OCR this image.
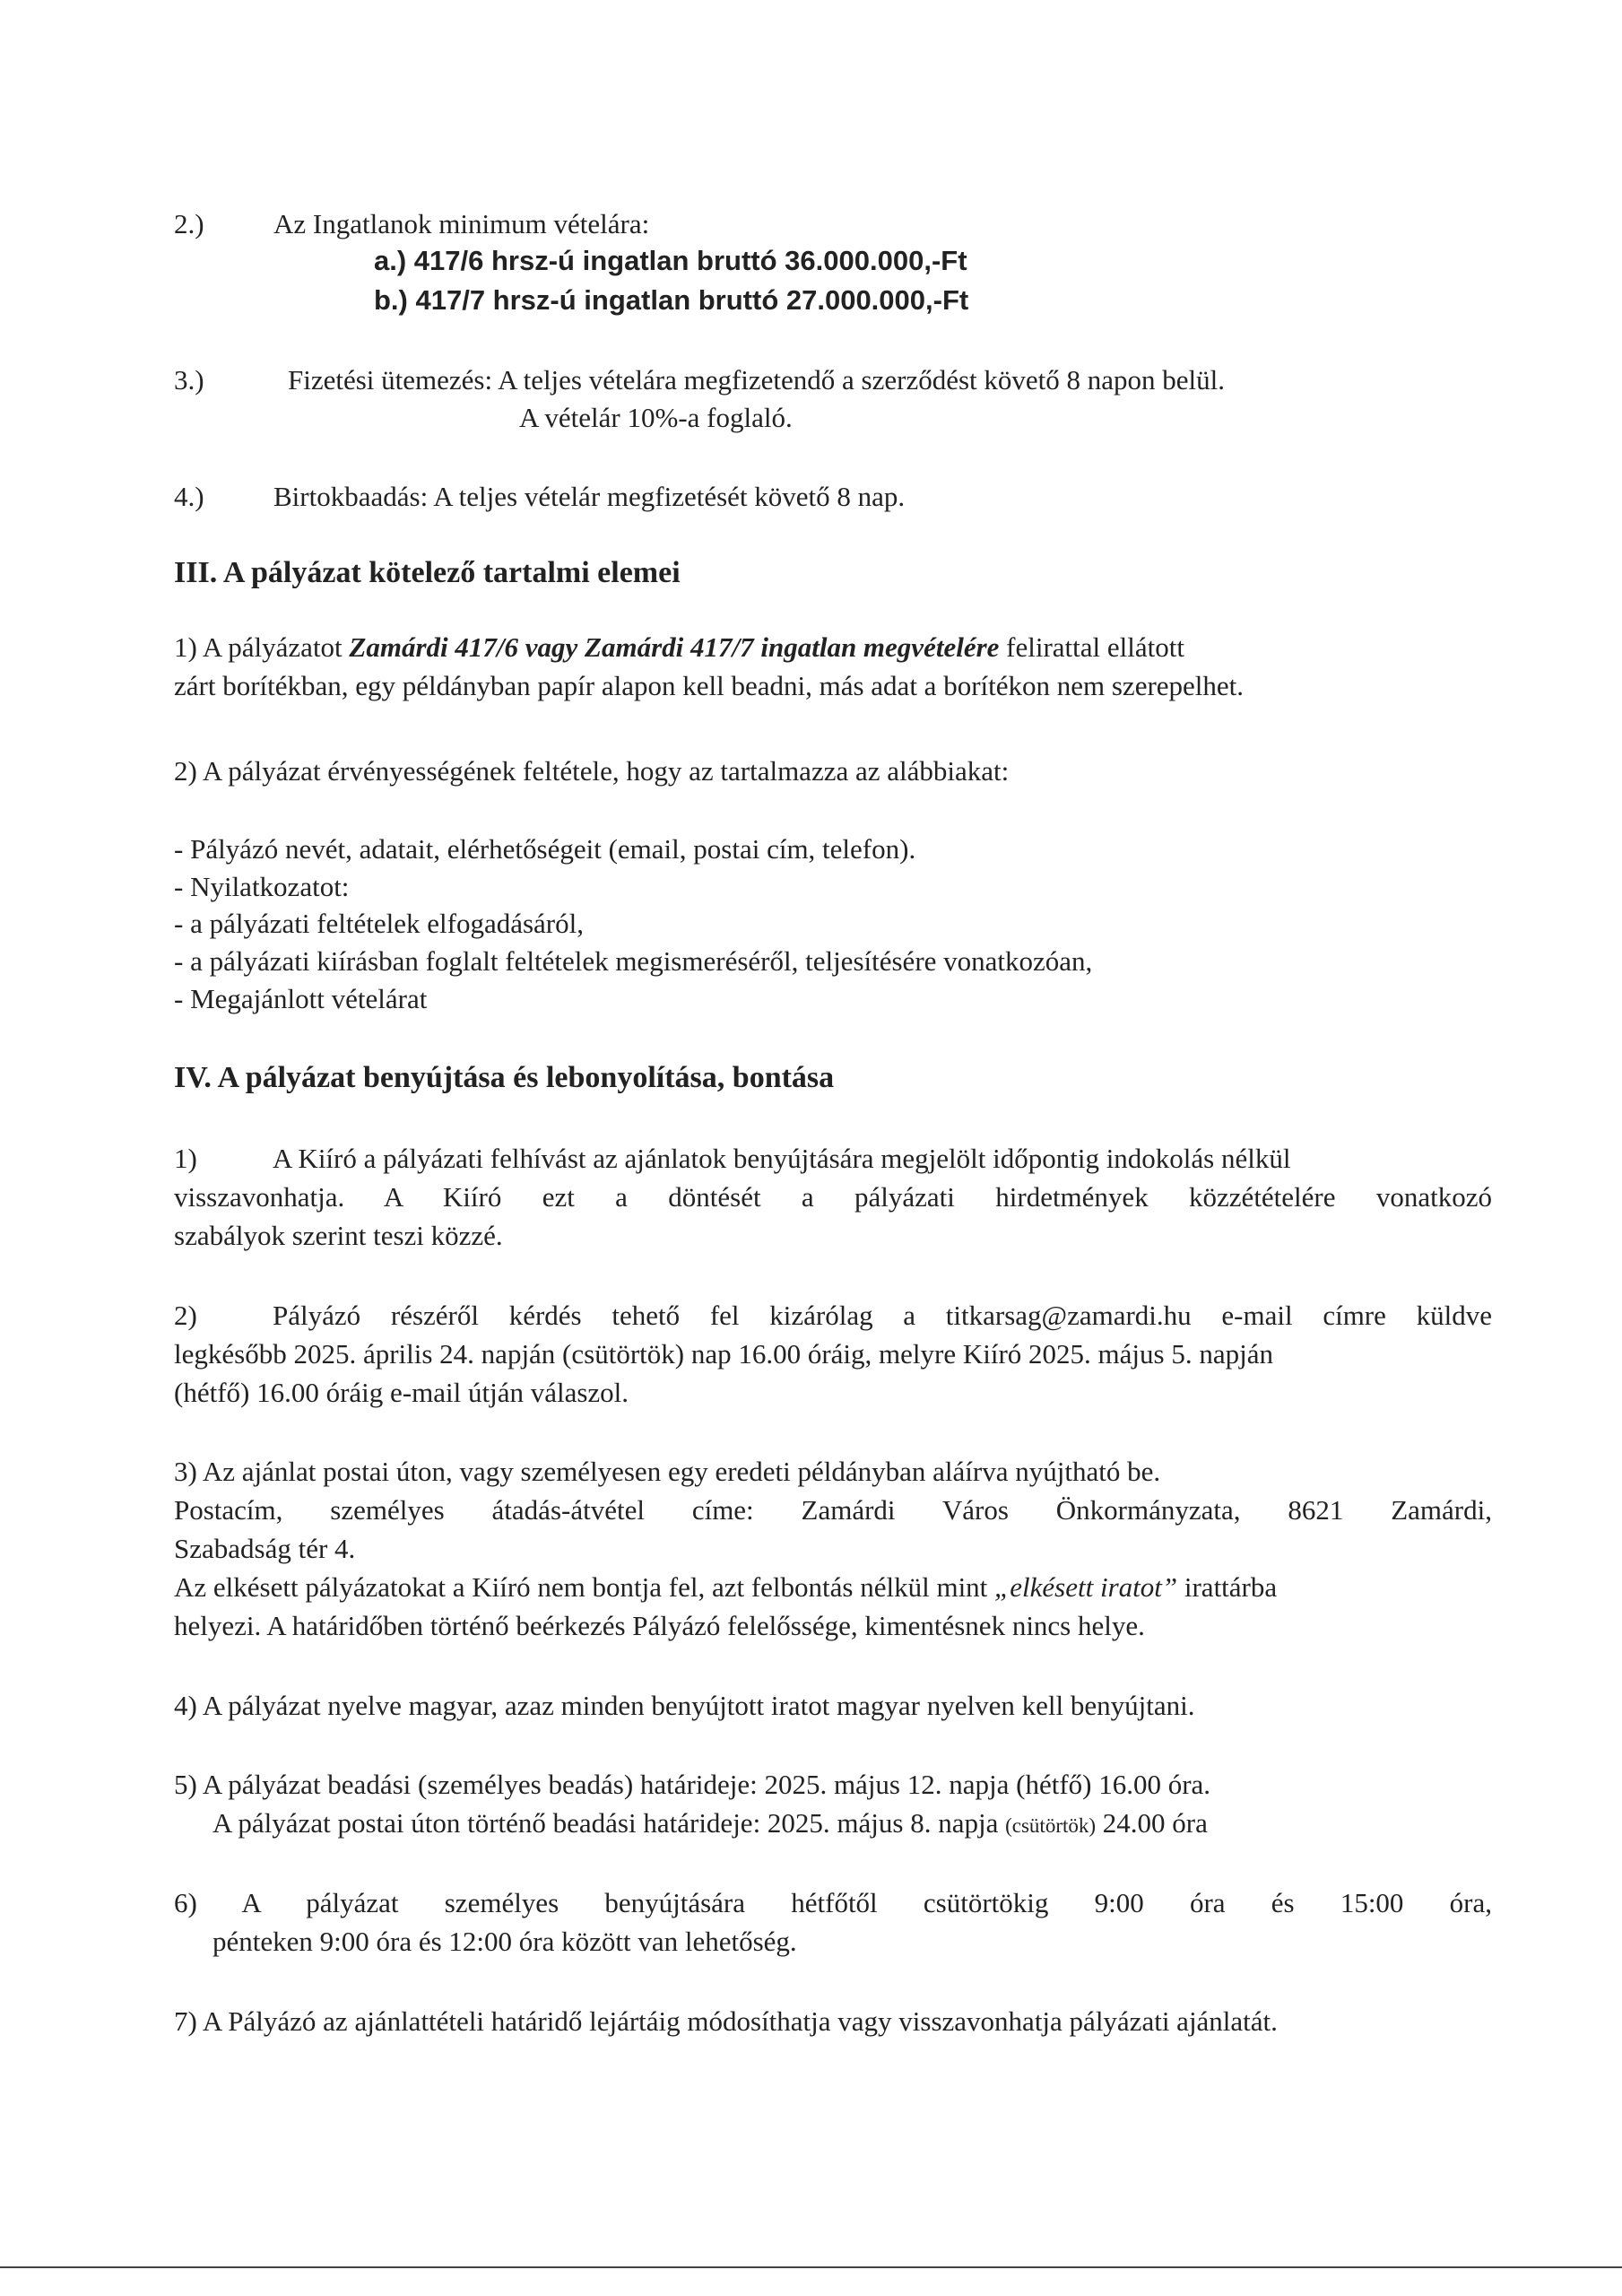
2.) Az Ingatlanok minimum vételára:
a.) 417/6 hrsz-ú ingatlan bruttó 36.000.000,-Ft
b.) 417/7 hrsz-ú ingatlan bruttó 27.000.000,-Ft
3.)	Fizetési ütemezés: A teljes vételára megfizetendő a szerződést követő 8 napon belül.
A vételár 10%-a foglaló.
4.) Birtokbaadás: A teljes vételár megfizetését követő 8 nap.
III. A pályázat kötelező tartalmi elemei
1) A pályázatot Zamárdi 417/6 vagy Zamárdi 417/7 ingatlan megvételére felirattal ellátott
zárt borítékban, egy példányban papír alapon kell beadni, más adat a borítékon nem szerepelhet.
2) A pályázat érvényességének feltétele, hogy az tartalmazza az alábbiakat:
- Pályázó nevét, adatait, elérhetőségeit (email, postai cím, telefon).
- Nyilatkozatot:
- a pályázati feltételek elfogadásáról,
- a pályázati kiírásban foglalt feltételek megismeréséről, teljesítésére vonatkozóan,
- Megajánlott vételárat
IV. A pályázat benyújtása és lebonyolítása, bontása
1)	A Kiíró a pályázati felhívást az ajánlatok benyújtására megjelölt időpontig indokolás nélkül
visszavonhatja. A Kiíró ezt a döntését a pályázati hirdetmények közzétételére vonatkozó
szabályok szerint teszi közzé.
2)	Pályázó részéről kérdés tehető fel kizárólag a titkarsag@zamardi.hu e-mail címre küldve
legkésőbb 2025. április 24. napján (csütörtök) nap 16.00 óráig, melyre Kiíró 2025. május 5. napján
(hétfő) 16.00 óráig e-mail útján válaszol.
3) Az ajánlat postai úton, vagy személyesen egy eredeti példányban aláírva nyújtható be.
Postacím, személyes átadás-átvétel címe: Zamárdi Város Önkormányzata, 8621 Zamárdi,
Szabadság tér 4.
Az elkésett pályázatokat a Kiíró nem bontja fel, azt felbontás nélkül mint „elkésett iratot” irattárba
helyezi. A határidőben történő beérkezés Pályázó felelőssége, kimentésnek nincs helye.
4) A pályázat nyelve magyar, azaz minden benyújtott iratot magyar nyelven kell benyújtani.
5) A pályázat beadási (személyes beadás) határideje: 2025. május 12. napja (hétfő) 16.00 óra.
A pályázat postai úton történő beadási határideje: 2025. május 8. napja (csütörtök) 24.00 óra
6) A pályázat személyes benyújtására hétfőtől csütörtökig 9:00 óra és 15:00 óra,
pénteken 9:00 óra és 12:00 óra között van lehetőség.
7) A Pályázó az ajánlattételi határidő lejártáig módosíthatja vagy visszavonhatja pályázati ajánlatát.
